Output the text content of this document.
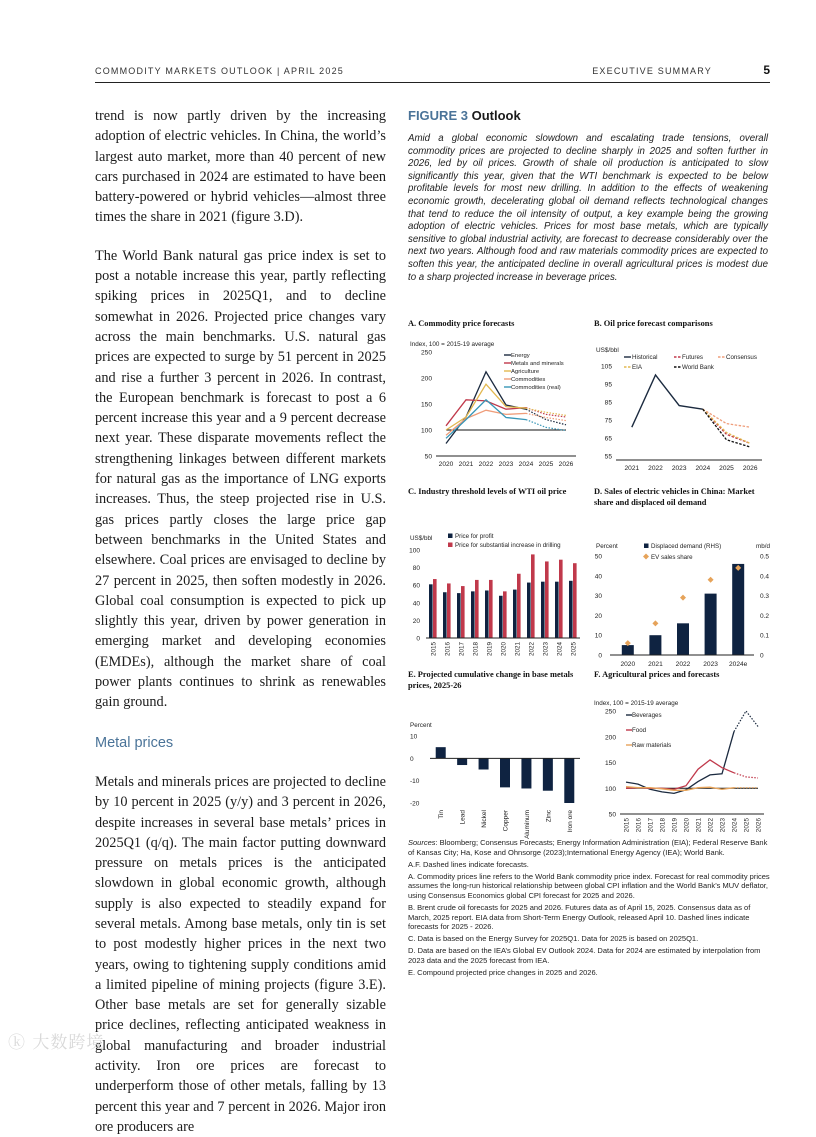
COMMODITY MARKETS OUTLOOK | APRIL 2025	EXECUTIVE SUMMARY	5

trend is now partly driven by the increasing adoption of electric vehicles. In China, the world’s largest auto market, more than 40 percent of new cars purchased in 2024 are estimated to have been battery-powered or hybrid vehicles—almost three times the share in 2021 (figure 3.D).

The World Bank natural gas price index is set to post a notable increase this year, partly reflecting spiking prices in 2025Q1, and to decline somewhat in 2026. Projected price changes vary across the main benchmarks. U.S. natural gas prices are expected to surge by 51 percent in 2025 and rise a further 3 percent in 2026. In contrast, the European benchmark is forecast to post a 6 percent increase this year and a 9 percent decrease next year. These disparate movements reflect the strengthening linkages between different markets for natural gas as the importance of LNG exports increases. Thus, the steep projected rise in U.S. gas prices partly closes the large price gap between benchmarks in the United States and elsewhere. Coal prices are envisaged to decline by 27 percent in 2025, then soften modestly in 2026. Global coal consumption is expected to pick up slightly this year, driven by power generation in emerging market and developing economies (EMDEs), although the market share of coal power plants continues to shrink as renewables gain ground.

Metal prices

Metals and minerals prices are projected to decline by 10 percent in 2025 (y/y) and 3 percent in 2026, despite increases in several base metals’ prices in 2025Q1 (q/q). The main factor putting downward pressure on metals prices is the anticipated slowdown in global economic growth, although supply is also expected to steadily expand for several metals. Among base metals, only tin is set to post modestly higher prices in the next two years, owing to tightening supply conditions amid a limited pipeline of mining projects (figure 3.E). Other base metals are set for generally sizable price declines, reflecting anticipated weakness in global manufacturing and broader industrial activity. Iron ore prices are forecast to underperform those of other metals, falling by 13 percent this year and 7 percent in 2026. Major iron ore producers are

FIGURE 3 Outlook

Amid a global economic slowdown and escalating trade tensions, overall commodity prices are projected to decline sharply in 2025 and soften further in 2026, led by oil prices. Growth of shale oil production is anticipated to slow significantly this year, given that the WTI benchmark is expected to be below profitable levels for most new drilling. In addition to the effects of weakening economic growth, decelerating global oil demand reflects technological changes that tend to reduce the oil intensity of output, a key example being the growing adoption of electric vehicles. Prices for most base metals, which are typically sensitive to global industrial activity, are forecast to decrease considerably over the next two years. Although food and raw materials commodity prices are expected to soften this year, the anticipated decline in overall agricultural prices is modest due to a sharp projected increase in beverage prices.

A. Commodity price forecasts
Index, 100 = 2015-19 average
50
100
150
200
250
2020 2021 2022 2023 2024 2025 2026
Energy
Metals and minerals
Agriculture
Commodities
Commodities (real)
B. Oil price forecast comparisons
US$/bbl
55
65
75
85
95
105
2021 2022 2023 2024 2025 2026
Historical	Futures	Consensus
EIA	World Bank
C. Industry threshold levels of WTI oil price
US$/bbl
0
20
40
60
80
100
2015 2016 2017 2018 2019 2020 2021 2022 2023 2024 2025
Price for profit
Price for substantial increase in drilling
D. Sales of electric vehicles in China: Market share and displaced oil demand
Percent	mb/d
0
10
20
30
40
50
0
0.1
0.2
0.3
0.4
0.5
2020 2021 2022 2023 2024e
Displaced demand (RHS)
EV sales share
E. Projected cumulative change in base metals prices, 2025-26
Percent
-20
-10
0
10
Tin Lead Nickel Copper Aluminum Zinc Iron ore
F. Agricultural prices and forecasts
Index, 100 = 2015-19 average
50
100
150
200
250
2015 2016 2017 2018 2019 2020 2021 2022 2023 2024 2025 2026
Beverages
Food
Raw materials

Sources: Bloomberg; Consensus Forecasts; Energy Information Administration (EIA); Federal Reserve Bank of Kansas City; Ha, Kose and Ohnsorge (2023);International Energy Agency (IEA); World Bank.

A.F. Dashed lines indicate forecasts.

A. Commodity prices line refers to the World Bank commodity price index. Forecast for real commodity prices assumes the long-run historical relationship between global CPI inflation and the World Bank’s MUV deflator, using Consensus Economics global CPI forecast for 2025 and 2026.

B. Brent crude oil forecasts for 2025 and 2026. Futures data as of April 15, 2025. Consensus data as of March, 2025 report. EIA data from Short-Term Energy Outlook, released April 10. Dashed lines indicate forecasts for 2025 - 2026.

C. Data is based on the Energy Survey for 2025Q1. Data for 2025 is based on 2025Q1.

D. Data are based on the IEA’s Global EV Outlook 2024. Data for 2024 are estimated by interpolation from 2023 data and the 2025 forecast from IEA.

E. Compound projected price changes in 2025 and 2026.

ⓚ 大数跨境
